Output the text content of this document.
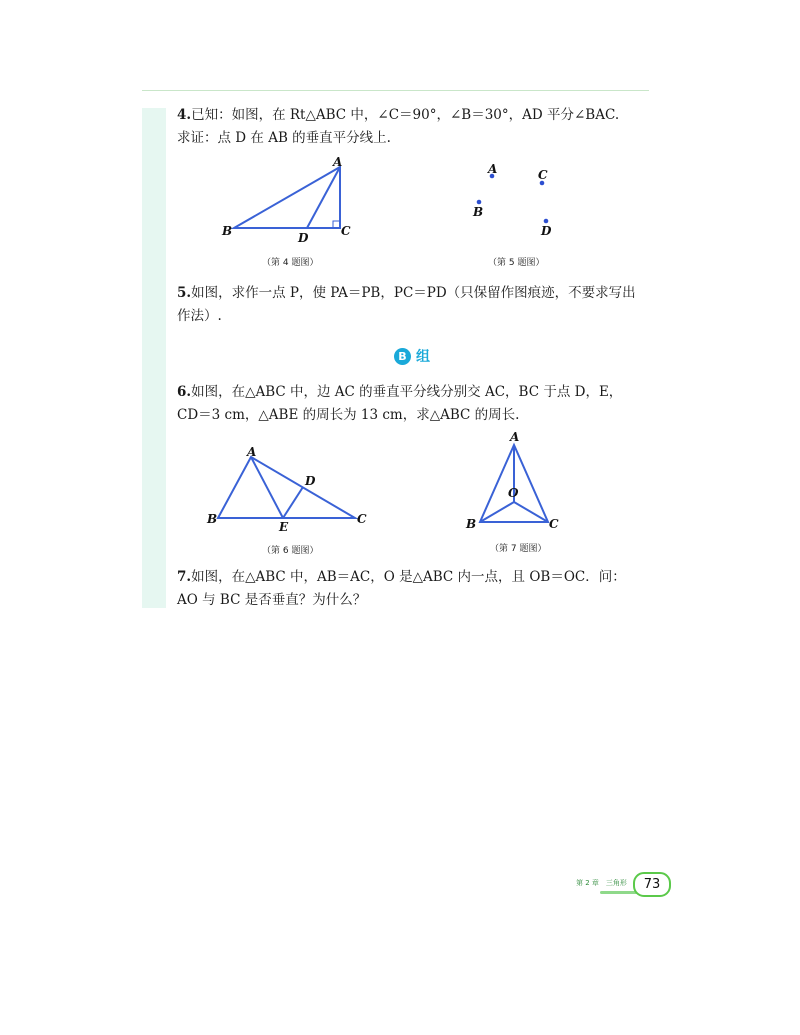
4.已知：如图，在 Rt△ABC 中，∠C＝90°，∠B＝30°，AD 平分∠BAC.
求证：点 D 在 AB 的垂直平分线上.
A
B	C
D
（第 4 题图）
A	C
B
D
（第 5 题图）
5.如图，求作一点 P，使 PA＝PB，PC＝PD（只保留作图痕迹，不要求写出
作法）.
B 组
6.如图，在△ABC 中，边 AC 的垂直平分线分别交 AC，BC 于点 D，E，
CD＝3 cm，△ABE 的周长为 13 cm，求△ABC 的周长.
A
B	C
D
E
（第 6 题图）
A
O
B	C
（第 7 题图）
7.如图，在△ABC 中，AB＝AC，O 是△ABC 内一点，且 OB＝OC．问：
AO 与 BC 是否垂直？为什么？
第 2 章　三角形	73
